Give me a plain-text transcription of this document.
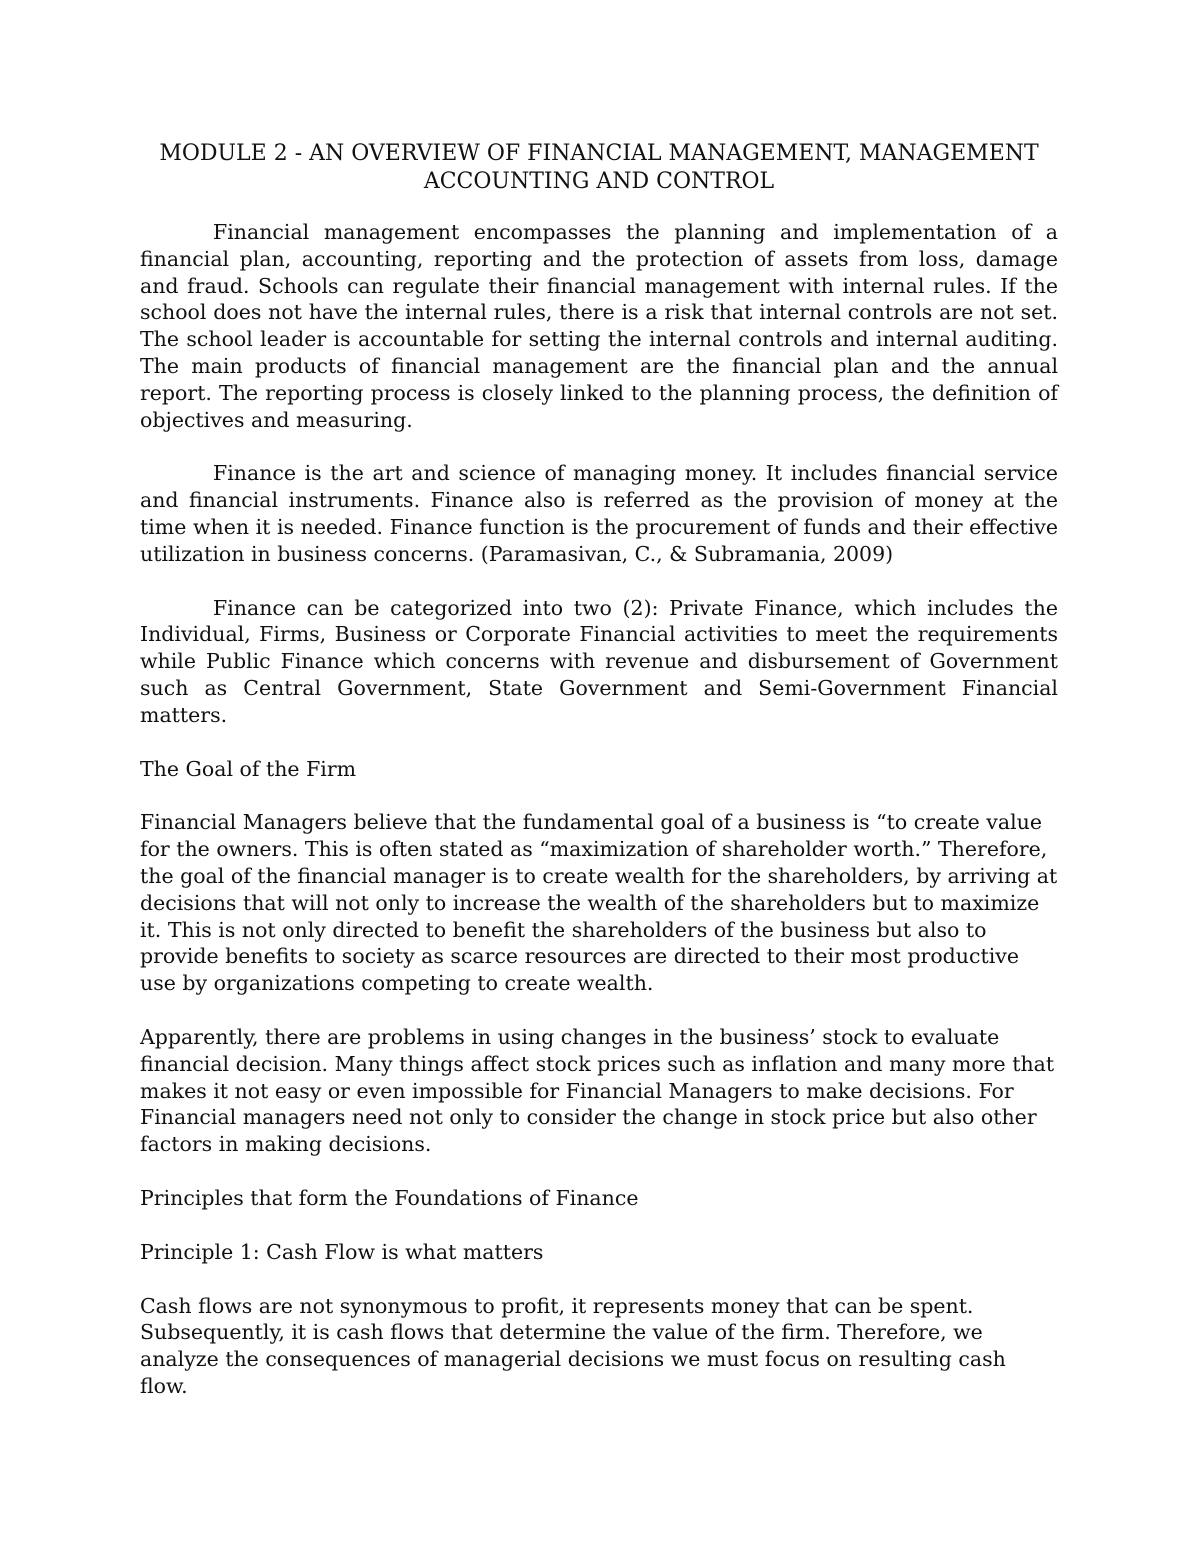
MODULE 2 - AN OVERVIEW OF FINANCIAL MANAGEMENT, MANAGEMENT
ACCOUNTING AND CONTROL

Financial management encompasses the planning and implementation of a financial plan, accounting, reporting and the protection of assets from loss, damage and fraud. Schools can regulate their financial management with internal rules. If the school does not have the internal rules, there is a risk that internal controls are not set. The school leader is accountable for setting the internal controls and internal auditing. The main products of financial management are the financial plan and the annual report. The reporting process is closely linked to the planning process, the definition of objectives and measuring.

Finance is the art and science of managing money. It includes financial service and financial instruments. Finance also is referred as the provision of money at the time when it is needed. Finance function is the procurement of funds and their effective utilization in business concerns. (Paramasivan, C., & Subramania, 2009)

Finance can be categorized into two (2): Private Finance, which includes the Individual, Firms, Business or Corporate Financial activities to meet the requirements while Public Finance which concerns with revenue and disbursement of Government such as Central Government, State Government and Semi-Government Financial matters.

The Goal of the Firm

Financial Managers believe that the fundamental goal of a business is “to create value for the owners. This is often stated as “maximization of shareholder worth.” Therefore, the goal of the financial manager is to create wealth for the shareholders, by arriving at decisions that will not only to increase the wealth of the shareholders but to maximize it. This is not only directed to benefit the shareholders of the business but also to provide benefits to society as scarce resources are directed to their most productive use by organizations competing to create wealth.

Apparently, there are problems in using changes in the business’ stock to evaluate financial decision. Many things affect stock prices such as inflation and many more that makes it not easy or even impossible for Financial Managers to make decisions. For Financial managers need not only to consider the change in stock price but also other factors in making decisions.

Principles that form the Foundations of Finance

Principle 1: Cash Flow is what matters

Cash flows are not synonymous to profit, it represents money that can be spent. Subsequently, it is cash flows that determine the value of the firm. Therefore, we analyze the consequences of managerial decisions we must focus on resulting cash flow.
